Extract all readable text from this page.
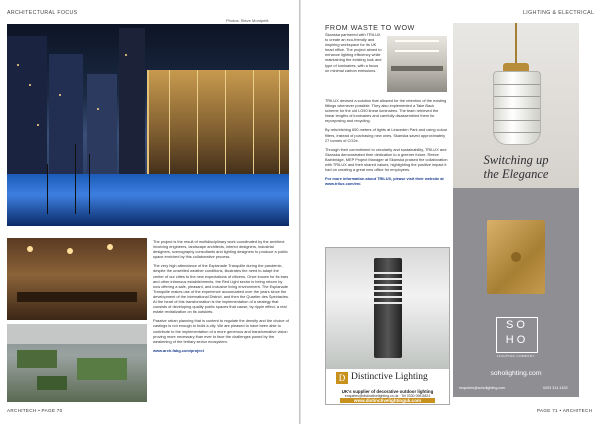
ARCHITECTURAL FOCUS
Photos: Steve Montpetit

The project is the result of multidisciplinary work coordinated by the architect involving engineers, landscape architects, interior designers, industrial designers, scenography consultants and lighting designers to produce a public space enriched by this collaborative process.

The very high attendance of the Esplanade Tranquille during the pandemic, despite the unsettled weather conditions, illustrates the need to adapt the center of our cities to the new expectations of citizens. Once known for its bars and other infamous establishments, the Red Light sector is being reborn by now offering a safe, pleasant, and inclusive living environment. The Esplanade Tranquille makes use of the experience accumulated over the years since the development of the International District, and then the Quartier des Spectacles. At the heart of this transformation is the implementation of a strategy that consists of developing quality public spaces that cause, by ripple effect, a real estate revitalization on its outskirts.

Passive urban planning that is content to regulate the density and the choice of castings is not enough to build a city. We are pleased to have been able to contribute to the implementation of a more generous and transformative vision proving more necessary than ever to face the challenges posed by the weakening of the tertiary sector ecosystem.

www.arch-fabg.com/project

ARCHITECH • PAGE 70
LIGHTING & ELECTRICAL
FROM WASTE TO WOW

Skanska partnered with TRILUX to create an eco-friendly and inspiring workspace for its UK head office. The project aimed to enhance lighting efficiency while maintaining the existing look and type of luminaires, with a focus on minimal carbon emissions.

TRILUX devised a solution that allowed for the retention of the existing fittings whenever possible. They also implemented a Take Back scheme for the old LG50 linear luminaires. The team retrieved the linear lengths of luminaires and carefully disassembled them for repurposing and recycling.

By refurbishing 650 meters of lights at Leaveden Park and using colour filters, instead of purchasing new ones, Skanska saved approximately 27 tonnes of CO2e.

Through their commitment to circularity and sustainability, TRILUX and Skanska demonstrated their dedication to a greener future. Reece Bainbridge, MEP Project Manager at Skanska praised the collaboration with TRILUX and their shared values, highlighting the positive impact it had on creating a great new office for employees.

For more information about TRILUX, please visit their website at www.trilux.com/en/.

D Distinctive Lighting
UK's supplier of decorative outdoor lighting
enquiries@distinctivelighting.co.uk · Tel 0330 098 8824
www.distinctivelightinguk.com
Switching up
the Elegance
SO
HO
LIGHTING COMPANY
soholighting.com
enquiries@soholighting.com	0203 314 1433
PAGE 71 • ARCHITECH
